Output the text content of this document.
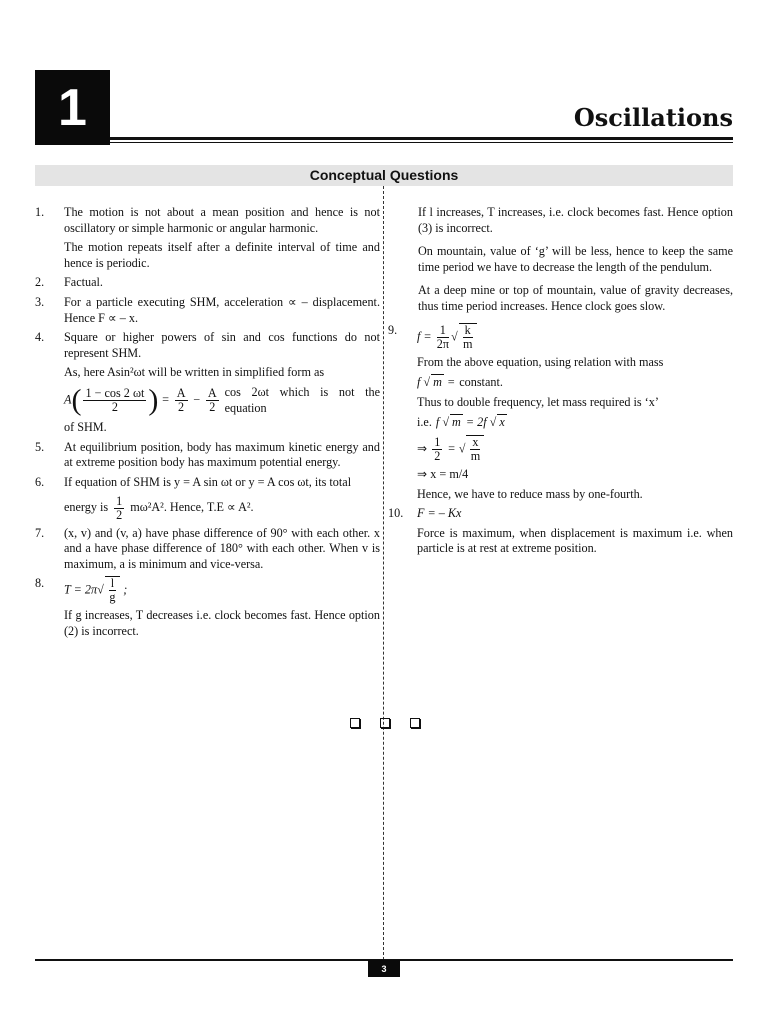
1	Oscillations
Conceptual Questions
1. The motion is not about a mean position and hence is not oscillatory or simple harmonic or angular harmonic.

The motion repeats itself after a definite interval of time and hence is periodic.

2. Factual.

3. For a particle executing SHM, acceleration ∝ – displacement. Hence F ∝ – x.

4. Square or higher powers of sin and cos functions do not represent SHM.

As, here Asin²ωt will be written in simplified form as

$A( \frac{1 - \cos 2 \omega t}{2}$ ) = $\frac{A}{2} - \frac{A}{2}$ cos 2ωt which is not the equation

of SHM.

5. At equilibrium position, body has maximum kinetic energy and at extreme position body has maximum potential energy.

6. If equation of SHM is y = A sin ωt or y = A cos ωt, its total

energy is $\frac{1}{2} m\omega^2A^2$. Hence, T.E ∝ A².

7. (x, v) and (v, a) have phase difference of 90° with each other. x and a have phase difference of 180° with each other. When v is maximum, a is minimum and vice-versa.

8. $T = 2\pi√ \frac{l}{g}$ ;

If g increases, T decreases i.e. clock becomes fast. Hence option (2) is incorrect.

If l increases, T increases, i.e. clock becomes fast. Hence option (3) is incorrect.

On mountain, value of ‘g’ will be less, hence to keep the same time period we have to decrease the length of the pendulum.

At a deep mine or top of mountain, value of gravity decreases, thus time period increases. Hence clock goes slow.

9. $f = \frac{1}{2\pi}$ √ $\frac{k}{m}$

From the above equation, using relation with mass

f √ m = constant.

Thus to double frequency, let mass required is ‘x’

i.e. f √ m = 2f √ x

⇒ $\frac{1}{2}$ = √ $\frac{x}{m}$

⇒ x = m/4

Hence, we have to reduce mass by one-fourth.

10. F = – Kx

Force is maximum, when displacement is maximum i.e. when particle is at rest at extreme position.

3
